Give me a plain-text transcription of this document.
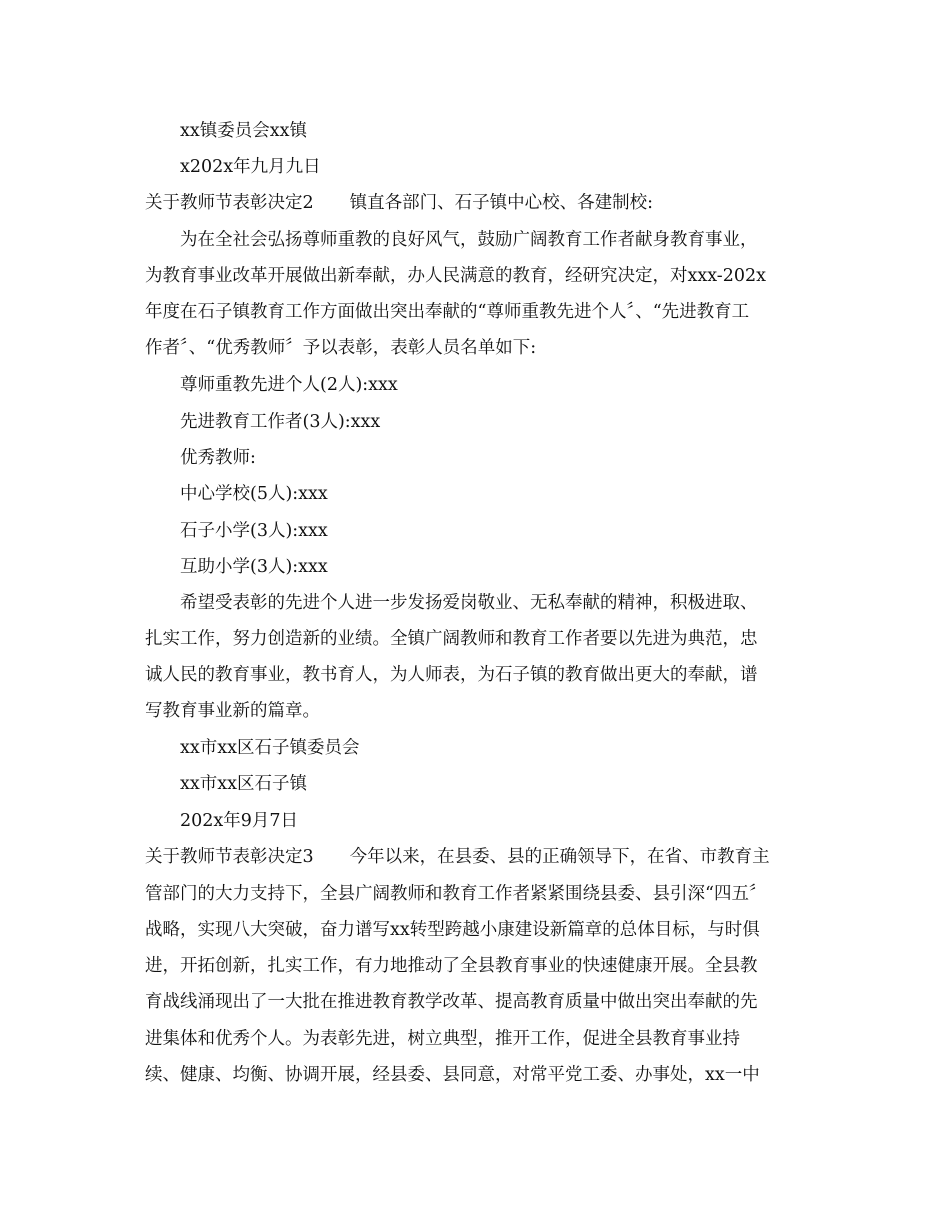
xx镇委员会xx镇
x202x年九月九日
关于教师节表彰决定2 镇直各部门、石子镇中心校、各建制校:
为在全社会弘扬尊师重教的良好风气，鼓励广阔教育工作者献身教育事业，
为教育事业改革开展做出新奉献，办人民满意的教育，经研究决定，对xxx-202x
年度在石子镇教育工作方面做出突出奉献的“尊师重教先进个人〞、“先进教育工
作者〞、“优秀教师〞予以表彰，表彰人员名单如下:
尊师重教先进个人(2人):xxx
先进教育工作者(3人):xxx
优秀教师:
中心学校(5人):xxx
石子小学(3人):xxx
互助小学(3人):xxx
希望受表彰的先进个人进一步发扬爱岗敬业、无私奉献的精神，积极进取、
扎实工作，努力创造新的业绩。全镇广阔教师和教育工作者要以先进为典范，忠
诚人民的教育事业，教书育人，为人师表，为石子镇的教育做出更大的奉献，谱
写教育事业新的篇章。
xx市xx区石子镇委员会
xx市xx区石子镇
202x年9月7日
关于教师节表彰决定3 今年以来，在县委、县的正确领导下，在省、市教育主
管部门的大力支持下，全县广阔教师和教育工作者紧紧围绕县委、县引深“四五〞
战略，实现八大突破，奋力谱写xx转型跨越小康建设新篇章的总体目标，与时俱
进，开拓创新，扎实工作，有力地推动了全县教育事业的快速健康开展。全县教
育战线涌现出了一大批在推进教育教学改革、提高教育质量中做出突出奉献的先
进集体和优秀个人。为表彰先进，树立典型，推开工作，促进全县教育事业持
续、健康、均衡、协调开展，经县委、县同意，对常平党工委、办事处，xx一中
